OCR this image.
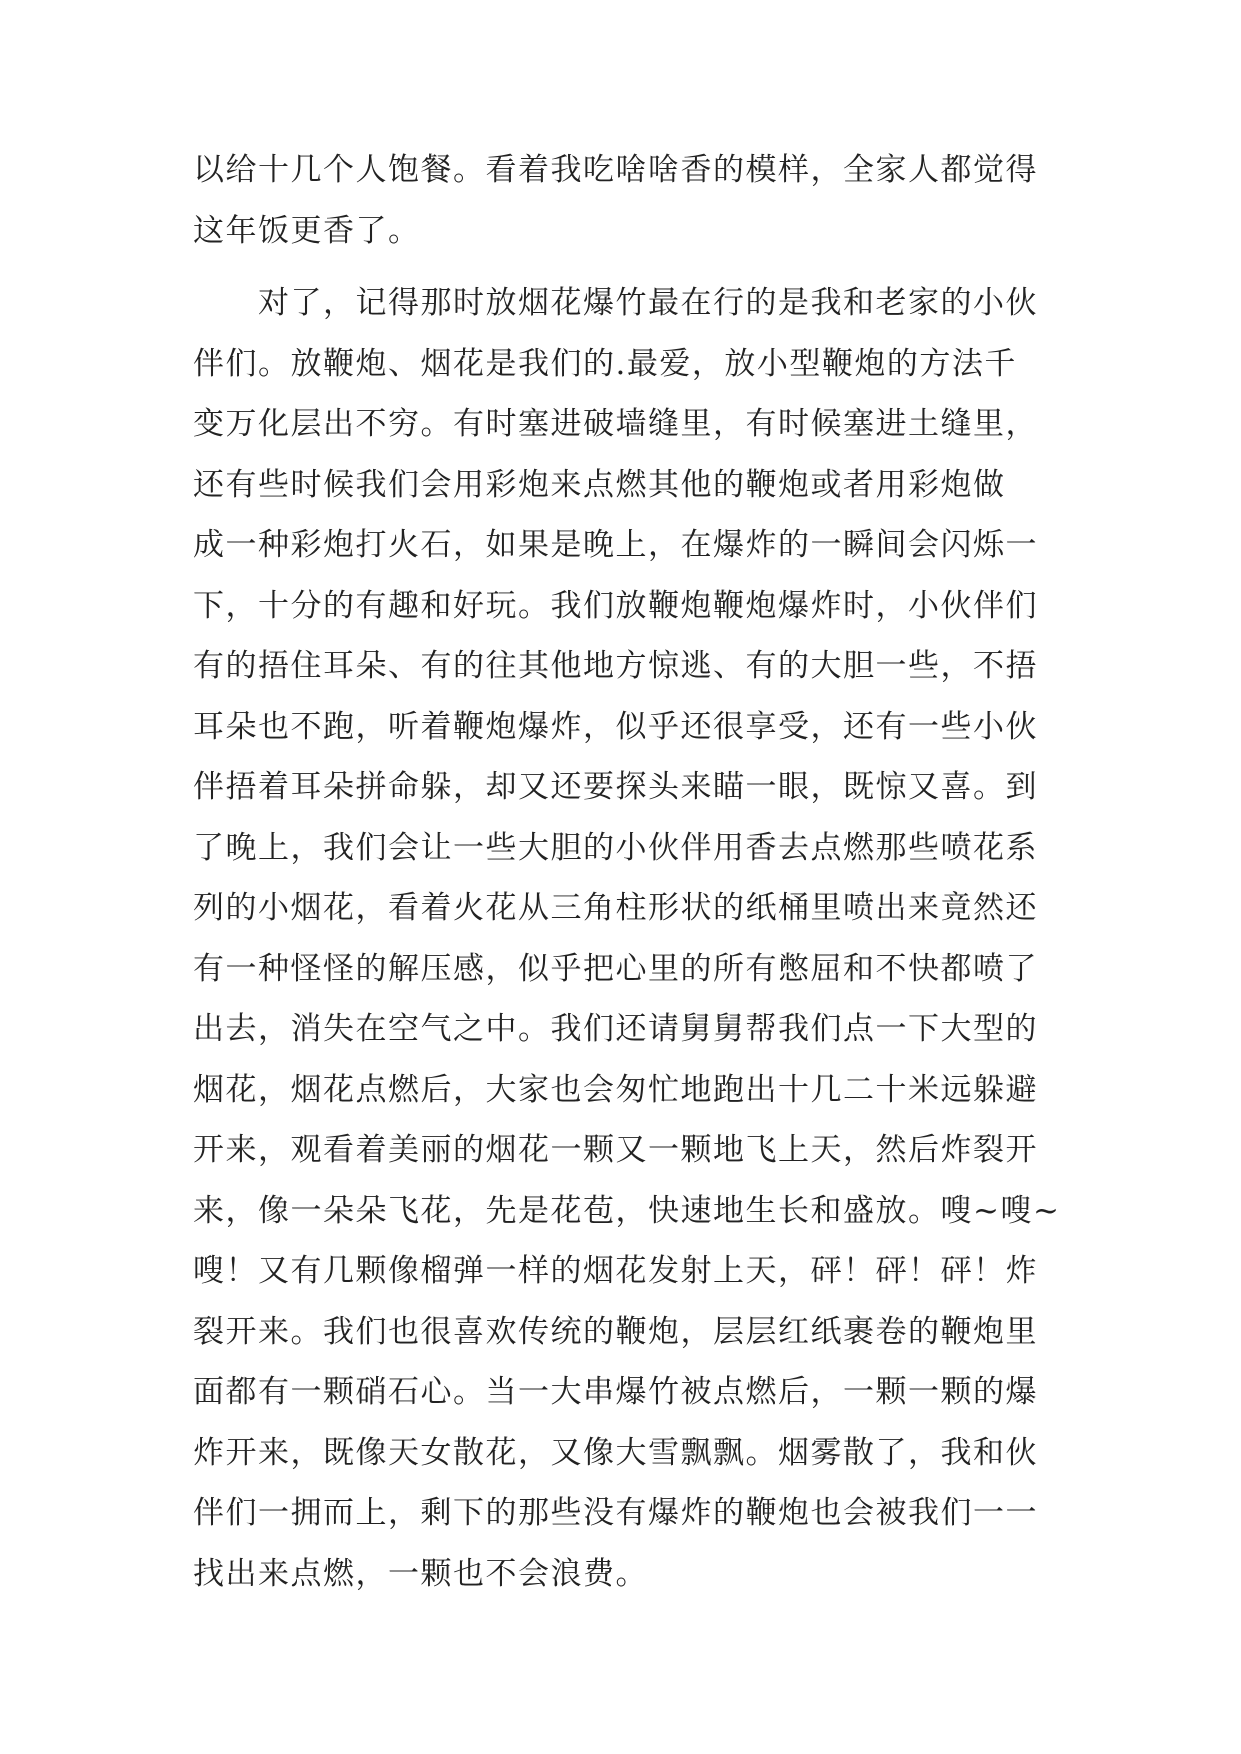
以给十几个人饱餐。看着我吃啥啥香的模样，全家人都觉得
这年饭更香了。
　　对了，记得那时放烟花爆竹最在行的是我和老家的小伙
伴们。放鞭炮、烟花是我们的.最爱，放小型鞭炮的方法千
变万化层出不穷。有时塞进破墙缝里，有时候塞进土缝里，
还有些时候我们会用彩炮来点燃其他的鞭炮或者用彩炮做
成一种彩炮打火石，如果是晚上，在爆炸的一瞬间会闪烁一
下，十分的有趣和好玩。我们放鞭炮鞭炮爆炸时，小伙伴们
有的捂住耳朵、有的往其他地方惊逃、有的大胆一些，不捂
耳朵也不跑，听着鞭炮爆炸，似乎还很享受，还有一些小伙
伴捂着耳朵拼命躲，却又还要探头来瞄一眼，既惊又喜。到
了晚上，我们会让一些大胆的小伙伴用香去点燃那些喷花系
列的小烟花，看着火花从三角柱形状的纸桶里喷出来竟然还
有一种怪怪的解压感，似乎把心里的所有憋屈和不快都喷了
出去，消失在空气之中。我们还请舅舅帮我们点一下大型的
烟花，烟花点燃后，大家也会匆忙地跑出十几二十米远躲避
开来，观看着美丽的烟花一颗又一颗地飞上天，然后炸裂开
来，像一朵朵飞花，先是花苞，快速地生长和盛放。嗖~嗖~
嗖！又有几颗像榴弹一样的烟花发射上天，砰！砰！砰！炸
裂开来。我们也很喜欢传统的鞭炮，层层红纸裹卷的鞭炮里
面都有一颗硝石心。当一大串爆竹被点燃后，一颗一颗的爆
炸开来，既像天女散花，又像大雪飘飘。烟雾散了，我和伙
伴们一拥而上，剩下的那些没有爆炸的鞭炮也会被我们一一
找出来点燃，一颗也不会浪费。
